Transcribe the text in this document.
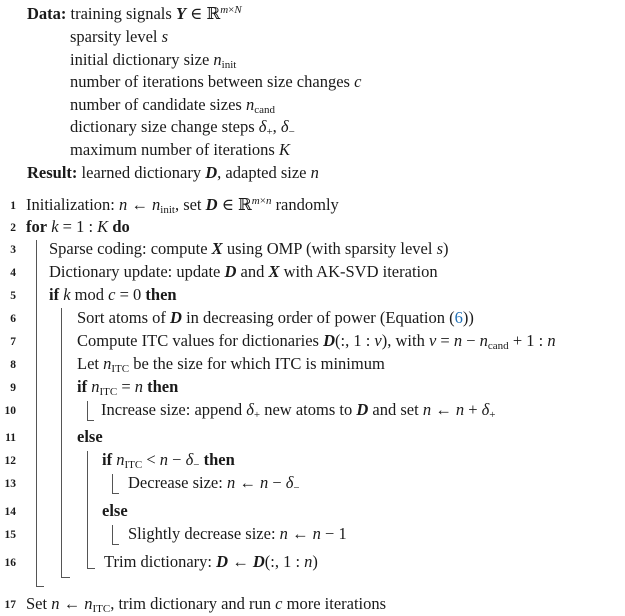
Data: training signals Y ∈ ℝ$^{m\times N}$
sparsity level s
initial dictionary size $n_{init}$
number of iterations between size changes c
number of candidate sizes $n_{cand}$
dictionary size change steps $\delta_+$, $\delta_-$
maximum number of iterations K
Result: learned dictionary D, adapted size n
1
2
3
4
5
6
7
8
9
10
11
12
13
14
15
16
17
Initialization: n ← $n_{init}$, set D ∈ ℝ$^{m\times n}$ randomly
for k = 1 : K do
Sparse coding: compute X using OMP (with sparsity level s)
Dictionary update: update D and X with AK-SVD iteration
if k mod c = 0 then
Sort atoms of D in decreasing order of power (Equation (6))
Compute ITC values for dictionaries D(:, 1 : ν), with $\nu = n - n_{cand} + 1$ : n
Let $n_{ITC}$ be the size for which ITC is minimum
if $n_{ITC} = n$ then
Increase size: append $\delta_+$ new atoms to D and set n ← $n + \delta_+$
else
if $n_{ITC} < n - \delta_-$ then
Decrease size: n ← $n - \delta_-$
else
Slightly decrease size: n ← n − 1
Trim dictionary: D ← D(:, 1 : n)
Set n ← $n_{ITC}$, trim dictionary and run c more iterations
